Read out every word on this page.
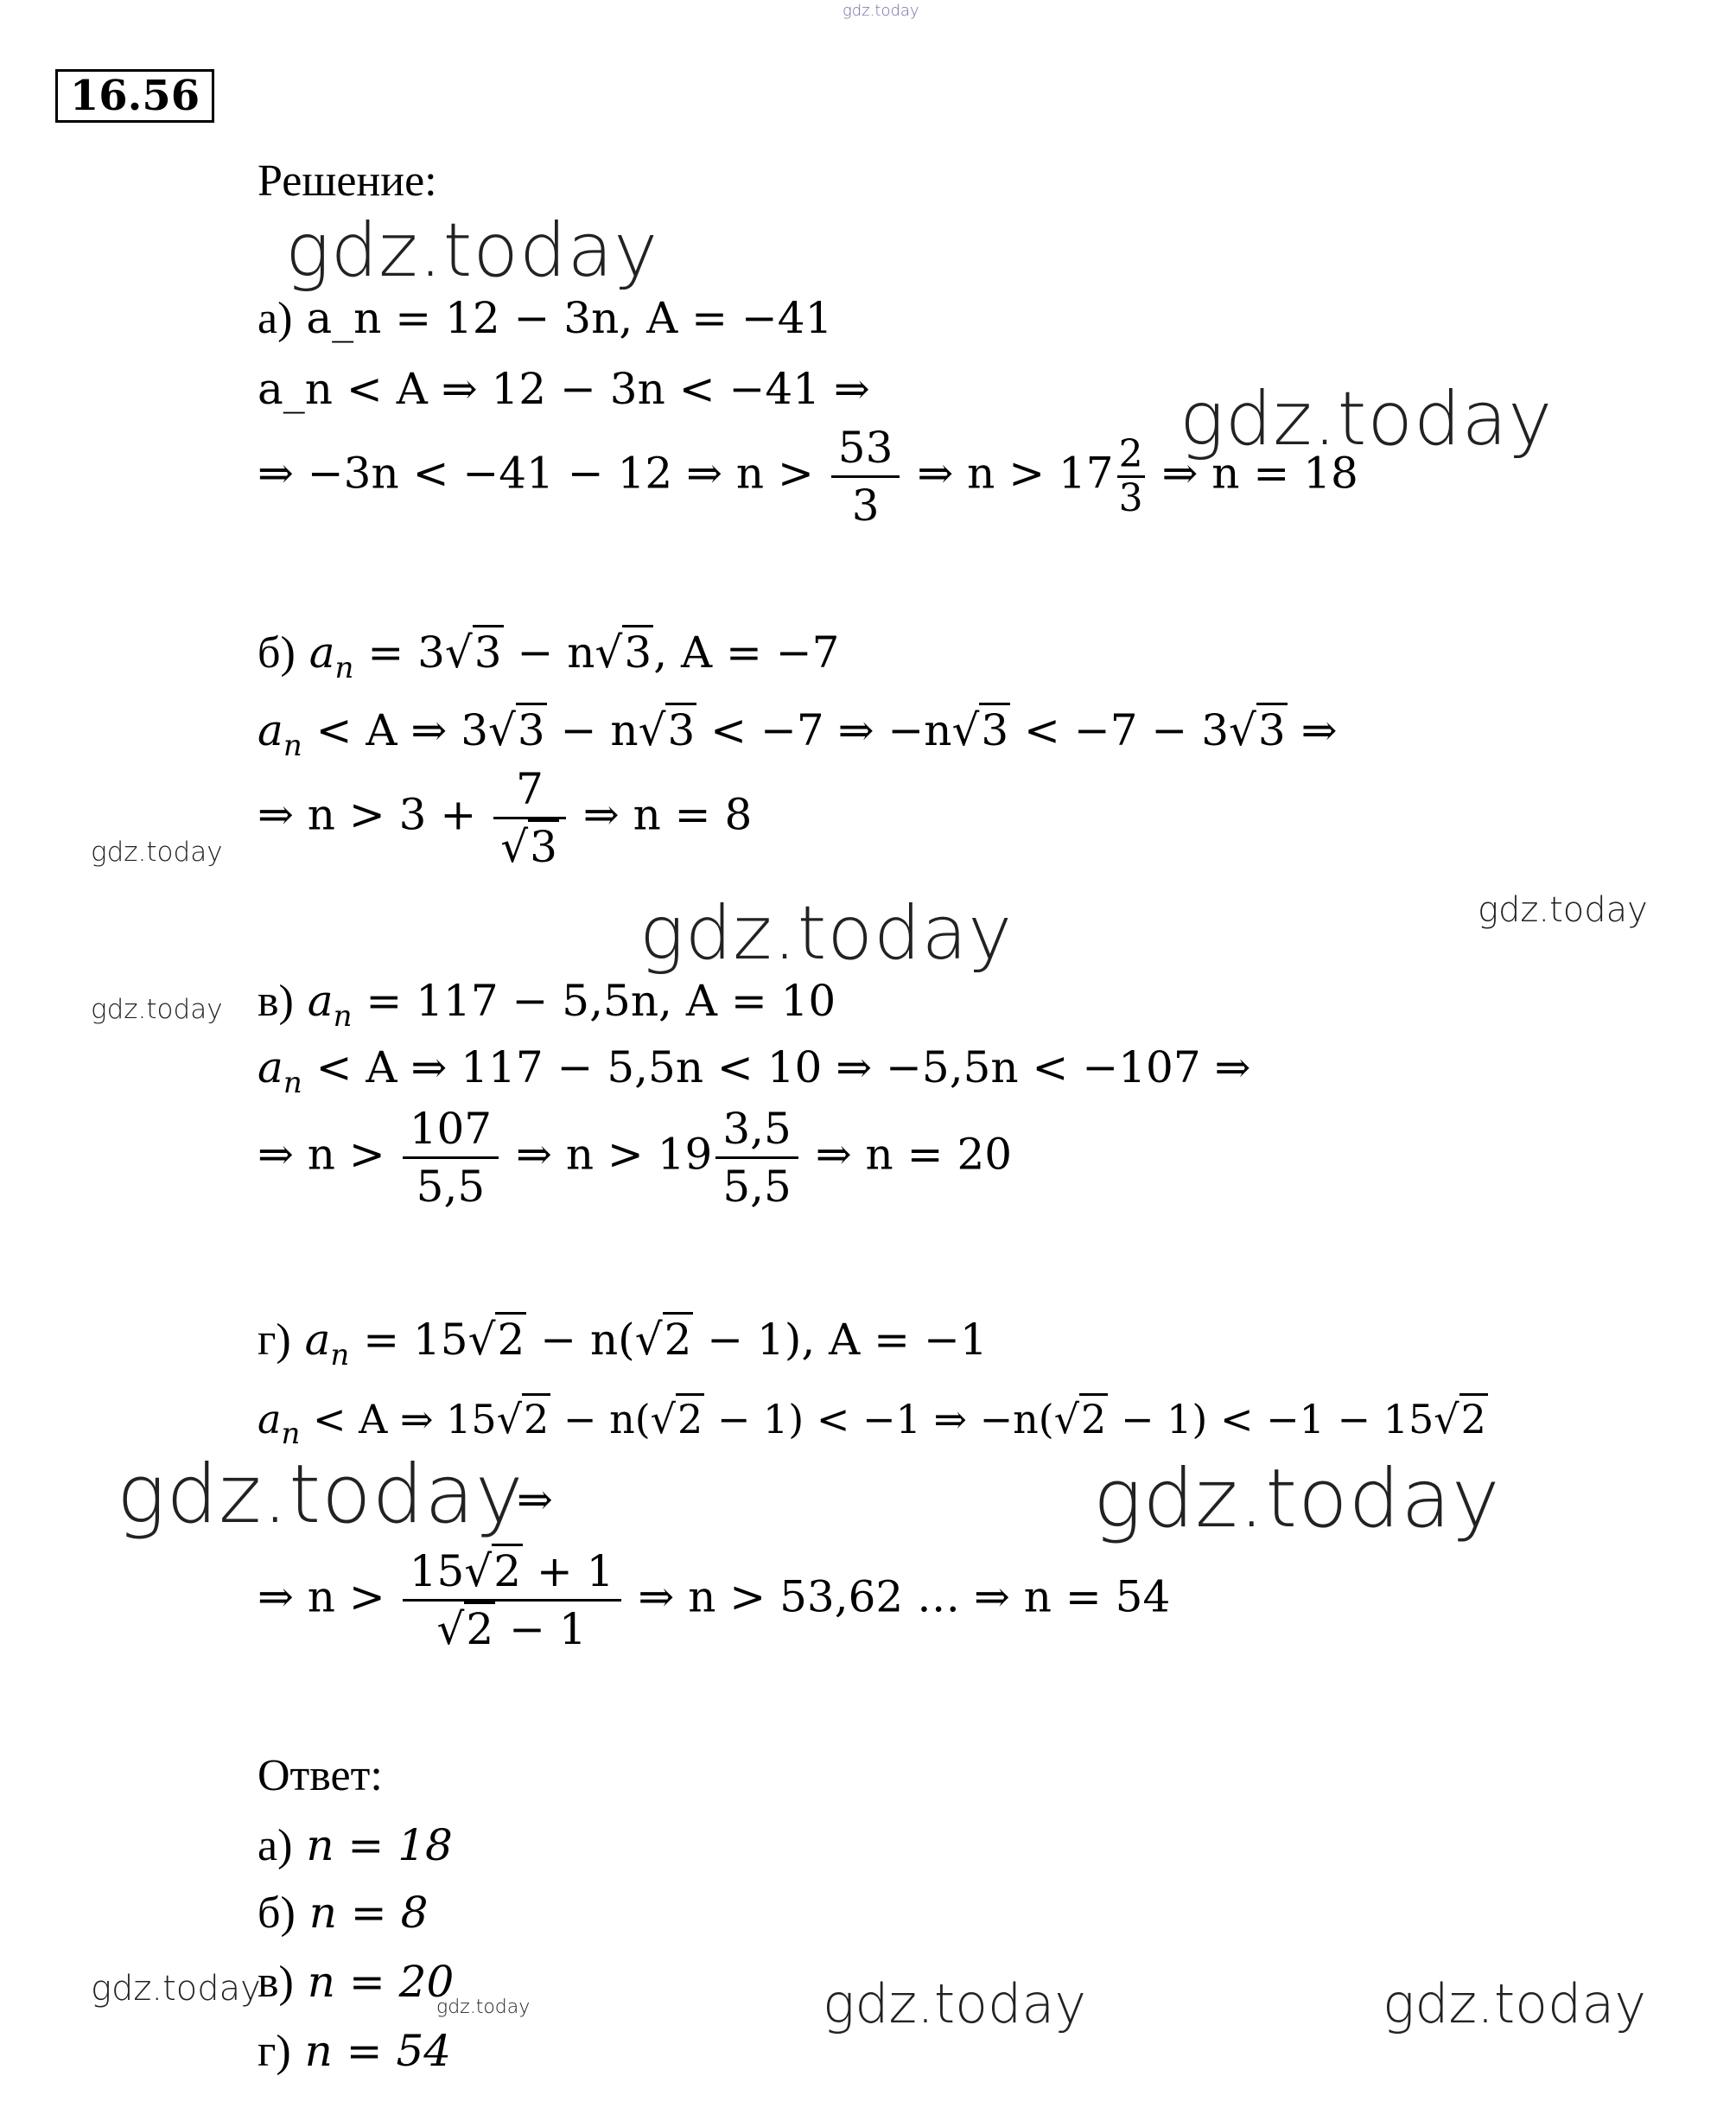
gdz.today
gdz.today
gdz.today
gdz.today
gdz.today	gdz.today
gdz.today
gdz.today	gdz.today
gdz.today	gdz.today	gdz.today	gdz.today
16.56
Решение:
а) a_n = 12 − 3n, A = −41
a_n < A ⇒ 12 − 3n < −41 ⇒
⇒ −3n < −41 − 12 ⇒ $n > \frac{53}{3}$ ⇒ $n > 17 \frac{2}{3}$ ⇒ n = 18
б) $a_n = 3√3 - n√3$, A = −7
$a_n < A$ ⇒ 3√3 − n√3 < −7 ⇒ −n√3 < −7 − 3√3 ⇒
⇒ $n > 3 + \frac{7}{√3}$ ⇒ n = 8
в) $a_n = 117 - 5,5n$, A = 10
$a_n < A$ ⇒ 117 − 5,5n < 10 ⇒ −5,5n < −107 ⇒
⇒ $n > \frac{107}{5,5}$ ⇒ $n > 19 \frac{3,5}{5,5}$ ⇒ n = 20
г) $a_n = 15√2 - n(√2 - 1)$, A = −1
$a_n < A$ ⇒ 15√2 − n(√2 − 1) < −1 ⇒ −n(√2 − 1) < −1 − 15√2
⇒
⇒ $n > \frac{15√2 + 1}{√2 - 1}$ ⇒ n > 53,62 … ⇒ n = 54
Ответ:
а) n = 18
б) n = 8
в) n = 20
г) n = 54
